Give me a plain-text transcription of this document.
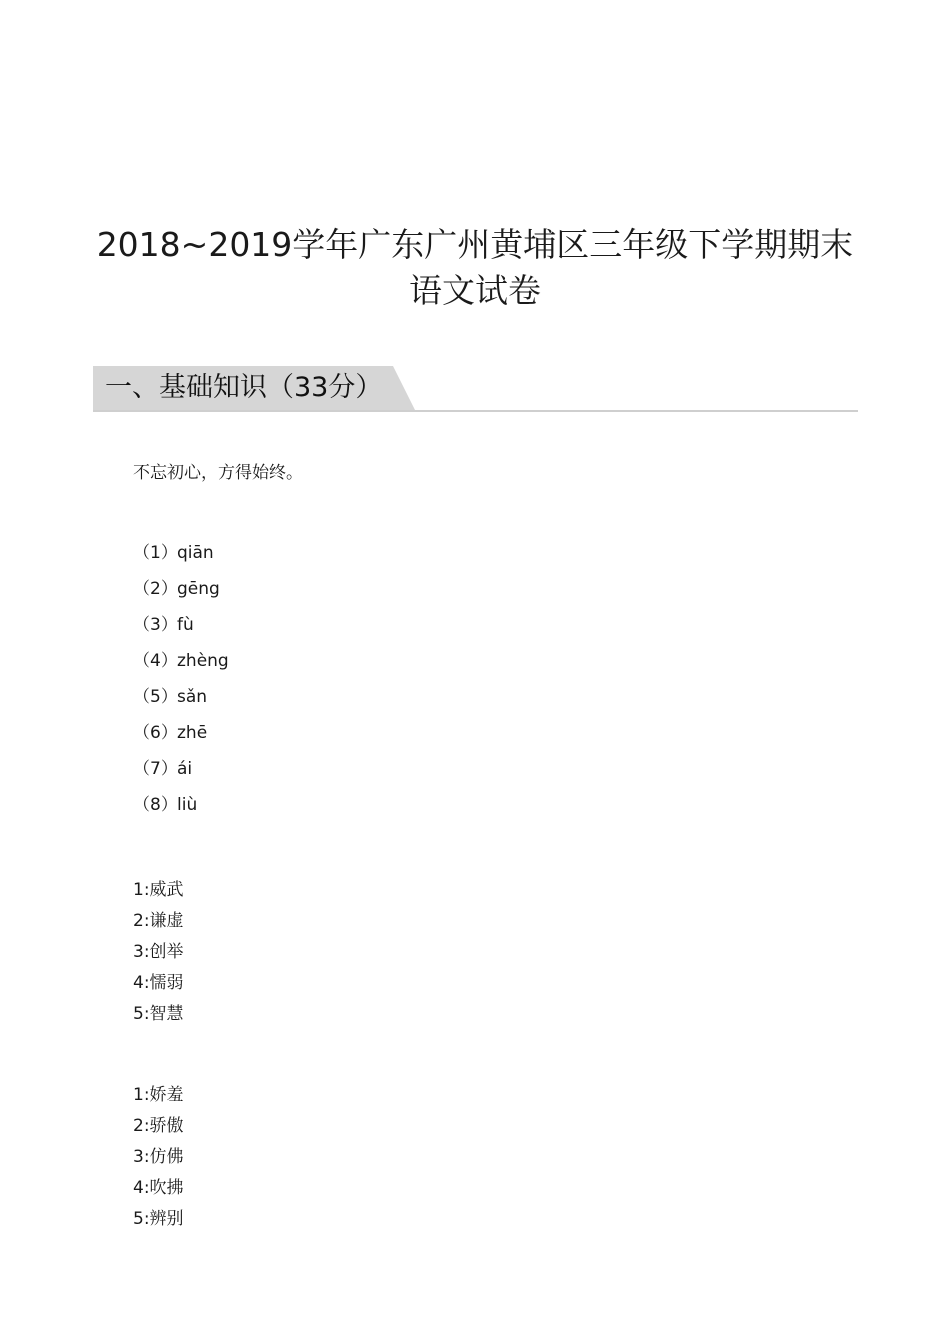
2018~2019学年广东广州黄埔区三年级下学期期末
语文试卷
一、基础知识（33分）
不忘初心，方得始终。
（1）qiān
（2）gēng
（3）fù
（4）zhèng
（5）sǎn
（6）zhē
（7）ái
（8）liù
1:威武
2:谦虚
3:创举
4:懦弱
5:智慧
1:娇羞
2:骄傲
3:仿佛
4:吹拂
5:辨别
